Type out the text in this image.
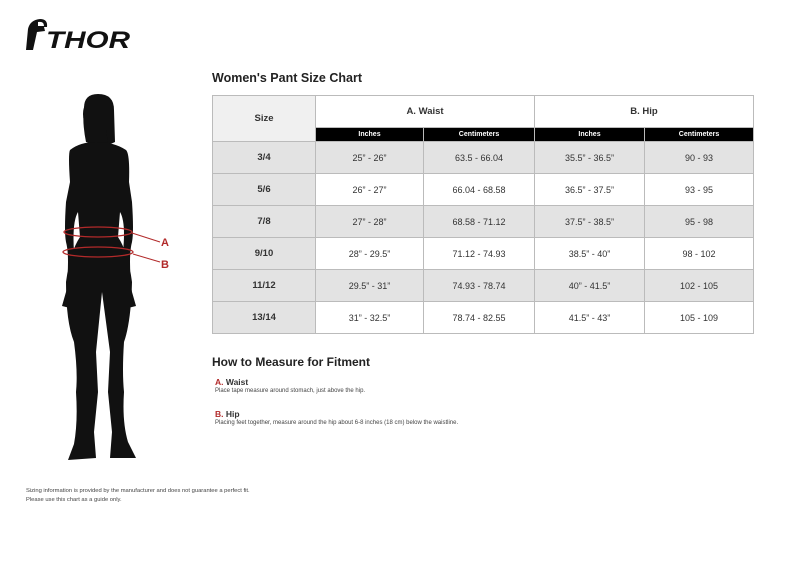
THOR
A
B
Women's Pant Size Chart
Size	A. Waist		B. Hip	
	Inches	Centimeters	Inches	Centimeters
3/4	25” - 26”	63.5 - 66.04	35.5” - 36.5”	90 - 93
5/6	26” - 27”	66.04 - 68.58	36.5” - 37.5”	93 - 95
7/8	27” - 28”	68.58 - 71.12	37.5” - 38.5”	95 - 98
9/10	28” - 29.5”	71.12 - 74.93	38.5” - 40”	98 - 102
11/12	29.5” - 31”	74.93 - 78.74	40” - 41.5”	102 - 105
13/14	31” - 32.5”	78.74 - 82.55	41.5” - 43”	105 - 109
How to Measure for Fitment
A. Waist
Place tape measure around stomach, just above the hip.
B. Hip
Placing feet together, measure around the hip about 6-8 inches (18 cm) below the waistline.
Sizing information is provided by the manufacturer and does not guarantee a perfect fit.
Please use this chart as a guide only.
